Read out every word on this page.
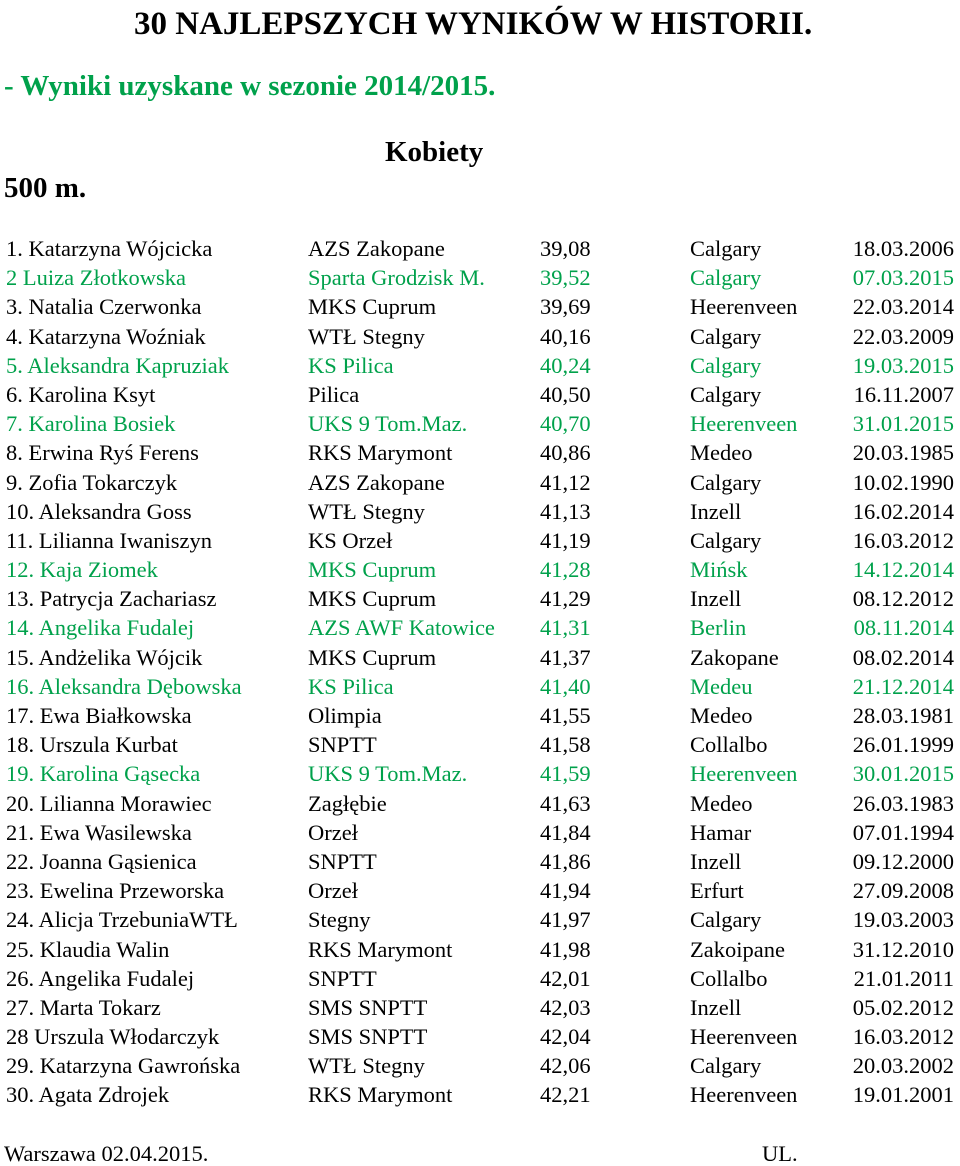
30 NAJLEPSZYCH WYNIKÓW W HISTORII.
- Wyniki uzyskane w sezonie 2014/2015.
Kobiety
500 m.
1. Katarzyna Wójcicka	AZS Zakopane	39,08	Calgary	18.03.2006
2 Luiza Złotkowska	Sparta Grodzisk M. 39,52	Calgary	07.03.2015
3. Natalia Czerwonka	MKS Cuprum	39,69	Heerenveen 22.03.2014
4. Katarzyna Woźniak	WTŁ Stegny	40,16	Calgary	22.03.2009
5. Aleksandra Kapruziak	KS Pilica	40,24	Calgary	19.03.2015
6. Karolina Ksyt	Pilica	40,50	Calgary	16.11.2007
7. Karolina Bosiek	UKS 9 Tom.Maz.	40,70	Heerenveen 31.01.2015
8. Erwina Ryś Ferens	RKS Marymont	40,86	Medeo	20.03.1985
9. Zofia Tokarczyk	AZS Zakopane	41,12	Calgary	10.02.1990
10. Aleksandra Goss	WTŁ Stegny	41,13	Inzell	16.02.2014
11. Lilianna Iwaniszyn	KS Orzeł	41,19	Calgary	16.03.2012
12. Kaja Ziomek	MKS Cuprum	41,28	Mińsk	14.12.2014
13. Patrycja Zachariasz	MKS Cuprum	41,29	Inzell	08.12.2012
14. Angelika Fudalej	AZS AWF Katowice 41,31	Berlin	08.11.2014
15. Andżelika Wójcik	MKS Cuprum	41,37	Zakopane	08.02.2014
16. Aleksandra Dębowska	KS Pilica	41,40	Medeu	21.12.2014
17. Ewa Białkowska	Olimpia	41,55	Medeo	28.03.1981
18. Urszula Kurbat	SNPTT	41,58	Collalbo	26.01.1999
19. Karolina Gąsecka	UKS 9 Tom.Maz.	41,59	Heerenveen 30.01.2015
20. Lilianna Morawiec	Zagłębie	41,63	Medeo	26.03.1983
21. Ewa Wasilewska	Orzeł	41,84	Hamar	07.01.1994
22. Joanna Gąsienica	SNPTT	41,86	Inzell	09.12.2000
23. Ewelina Przeworska	Orzeł	41,94	Erfurt	27.09.2008
24. Alicja TrzebuniaWTŁ	Stegny	41,97	Calgary	19.03.2003
25. Klaudia Walin	RKS Marymont	41,98	Zakoipane	31.12.2010
26. Angelika Fudalej	SNPTT	42,01	Collalbo	21.01.2011
27. Marta Tokarz	SMS SNPTT	42,03	Inzell	05.02.2012
28 Urszula Włodarczyk	SMS SNPTT	42,04	Heerenveen 16.03.2012
29. Katarzyna Gawrońska	WTŁ Stegny	42,06	Calgary	20.03.2002
30. Agata Zdrojek	RKS Marymont	42,21	Heerenveen 19.01.2001
Warszawa 02.04.2015.	UL.
